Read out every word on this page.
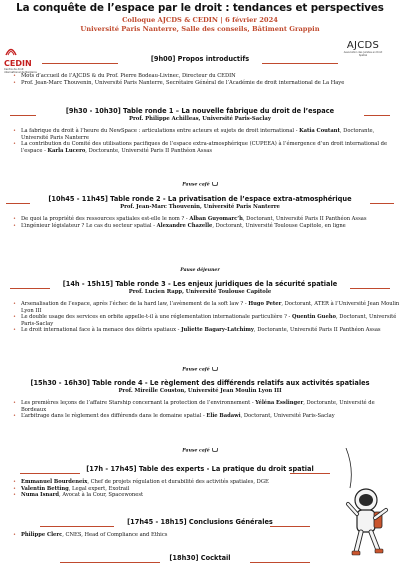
La conquête de l’espace par le droit : tendances et perspectives
Colloque AJCDS & CEDIN | 6 février 2024
Université Paris Nanterre, Salle des conseils, Bâtiment Grappin
CEDIN
Centre de droit international de Nanterre
AJCDS
Association des Juristes en Droit Spatial
[9h00] Propos introductifs
• Mots d’accueil de l’AJCDS & du Prof. Pierre Bodeau-Livinec, Directeur du CEDIN
• Prof. Jean-Marc Thouvenin, Université Paris Nanterre, Secrétaire Général de l’Académie de droit international de La Haye
[9h30 - 10h30] Table ronde 1 – La nouvelle fabrique du droit de l’espace
Prof. Philippe Achilleas, Université Paris-Saclay
• La fabrique du droit à l’heure du NewSpace : articulations entre acteurs et sujets de droit international - Katia Coutant, Doctorante, Université Paris Nanterre
• La contribution du Comité des utilisations pacifiques de l’espace extra-atmosphérique (CUPEEA) à l’émergence d’un droit international de l’espace - Karla Lucero, Doctorante, Université Paris II Panthéon Assas
Pause café
[10h45 - 11h45] Table ronde 2 - La privatisation de l’espace extra-atmosphérique
Prof. Jean-Marc Thouvenin, Université Paris Nanterre
• De quoi la propriété des ressources spatiales est-elle le nom ? - Alban Guyomarc’h, Doctorant, Université Paris II Panthéon Assas
• L’ingénieur législateur ? Le cas du secteur spatial - Alexandre Chazelle, Doctorant, Université Toulouse Capitole, en ligne
Pause déjeuner
[14h - 15h15] Table ronde 3 - Les enjeux juridiques de la sécurité spatiale
Prof. Lucien Rapp, Université Toulouse Capitole
• Arsenalisation de l’espace, après l’échec de la hard law, l’avènement de la soft law ? - Hugo Peter, Doctorant, ATER à l’Université Jean Moulin Lyon III
• Le double usage des services en orbite appelle-t-il à une réglementation internationale particulière ? - Quentin Gueho, Doctorant, Université Paris-Saclay
• Le droit international face à la menace des débris spatiaux - Juliette Bagary-Latchimy, Doctorante, Université Paris II Panthéon Assas
Pause café
[15h30 - 16h30] Table ronde 4 - Le règlement des différends relatifs aux activités spatiales
Prof. Mireille Couston, Université Jean Moulin Lyon III
• Les premières leçons de l’affaire Starship concernant la protection de l’environnement - Yéléna Esslinger, Doctorante, Université de Bordeaux
• L’arbitrage dans le règlement des différends dans le domaine spatial - Elie Badawi, Doctorant, Université Paris-Saclay
Pause café
[17h - 17h45] Table des experts - La pratique du droit spatial
• Emmanuel Bourdeneix, Chef de projets régulation et durabilité des activités spatiales, DGE
• Valentin Betting, Legal expert, Exotrail
• Numa Isnard, Avocat à la Cour, Spacewonest
[17h45 - 18h15] Conclusions Générales
• Philippe Clerc, CNES, Head of Compliance and Ethics
[18h30] Cocktail
